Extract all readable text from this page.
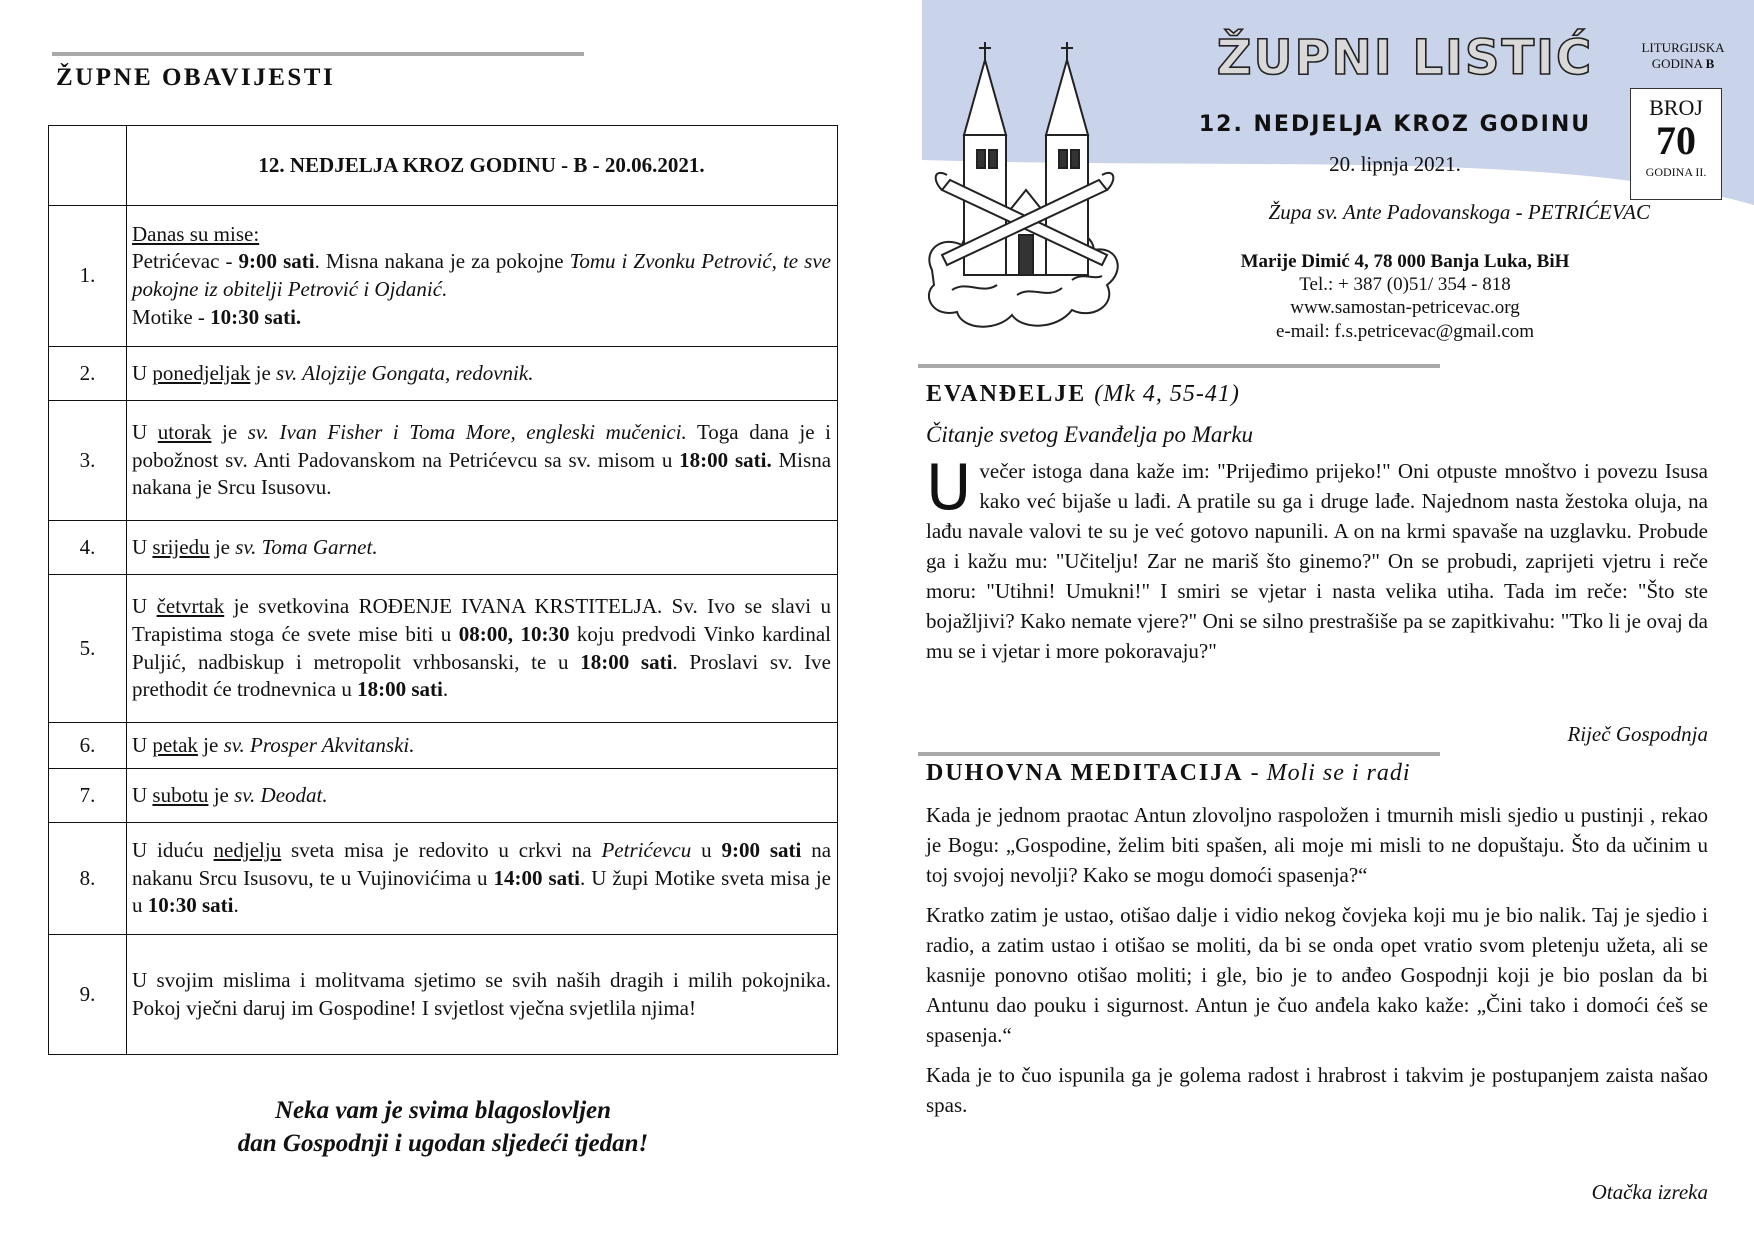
ŽUPNE OBAVIJESTI
	12. NEDJELJA KROZ GODINU - B - 20.06.2021.
1.	Danas su mise:
Petrićevac - 9:00 sati. Misna nakana je za pokojne Tomu i Zvonku Petrović, te sve pokojne iz obitelji Petrović i Ojdanić.
Motike - 10:30 sati.
2.	U ponedjeljak je sv. Alojzije Gongata, redovnik.
3.	U utorak je sv. Ivan Fisher i Toma More, engleski mučenici. Toga dana je i pobožnost sv. Anti Padovanskom na Petrićevcu sa sv. misom u 18:00 sati. Misna nakana je Srcu Isusovu.
4.	U srijedu je sv. Toma Garnet.
5.	U četvrtak je svetkovina ROĐENJE IVANA KRSTITELJA. Sv. Ivo se slavi u Trapistima stoga će svete mise biti u 08:00, 10:30 koju predvodi Vinko kardinal Puljić, nadbiskup i metropolit vrhbosanski, te u 18:00 sati. Proslavi sv. Ive prethodit će trodnevnica u 18:00 sati.
6.	U petak je sv. Prosper Akvitanski.
7.	U subotu je sv. Deodat.
8.	U iduću nedjelju sveta misa je redovito u crkvi na Petrićevcu u 9:00 sati na nakanu Srcu Isusovu, te u Vujinovićima u 14:00 sati. U župi Motike sveta misa je u 10:30 sati.
9.	U svojim mislima i molitvama sjetimo se svih naših dragih i milih pokojnika. Pokoj vječni daruj im Gospodine! I svjetlost vječna svjetlila njima!
Neka vam je svima blagoslovljen
dan Gospodnji i ugodan sljedeći tjedan!
ŽUPNI LISTIĆ	LITURGIJSKA
GODINA B
BROJ
70
GODINA II.
12. NEDJELJA KROZ GODINU
20. lipnja 2021.
Župa sv. Ante Padovanskoga - PETRIĆEVAC
Marije Dimić 4, 78 000 Banja Luka, BiH
Tel.: + 387 (0)51/ 354 - 818
www.samostan-petricevac.org
e-mail: f.s.petricevac@gmail.com
EVANĐELJE (Mk 4, 55-41)
Čitanje svetog Evanđelja po Marku
Uvečer istoga dana kaže im: "Prijeđimo prijeko!" Oni otpuste mnoštvo i povezu Isusa kako već bijaše u lađi. A pratile su ga i druge lađe. Najednom nasta žestoka oluja, na lađu navale valovi te su je već gotovo napunili. A on na krmi spavaše na uzglavku. Probude ga i kažu mu: "Učitelju! Zar ne mariš što ginemo?" On se probudi, zaprijeti vjetru i reče moru: "Utihni! Umukni!" I smiri se vjetar i nasta velika utiha. Tada im reče: "Što ste bojažljivi? Kako nemate vjere?" Oni se silno prestrašiše pa se zapitkivahu: "Tko li je ovaj da mu se i vjetar i more pokoravaju?"
Riječ Gospodnja
DUHOVNA MEDITACIJA - Moli se i radi

Kada je jednom praotac Antun zlovoljno raspoložen i tmurnih misli sjedio u pustinji , rekao je Bogu: „Gospodine, želim biti spašen, ali moje mi misli to ne dopuštaju. Što da učinim u toj svojoj nevolji? Kako se mogu domoći spasenja?“

Kratko zatim je ustao, otišao dalje i vidio nekog čovjeka koji mu je bio nalik. Taj je sjedio i radio, a zatim ustao i otišao se moliti, da bi se onda opet vratio svom pletenju užeta, ali se kasnije ponovno otišao moliti; i gle, bio je to anđeo Gospodnji koji je bio poslan da bi Antunu dao pouku i sigurnost. Antun je čuo anđela kako kaže: „Čini tako i domoći ćeš se spasenja.“

Kada je to čuo ispunila ga je golema radost i hrabrost i takvim je postupanjem zaista našao spas.

Otačka izreka
